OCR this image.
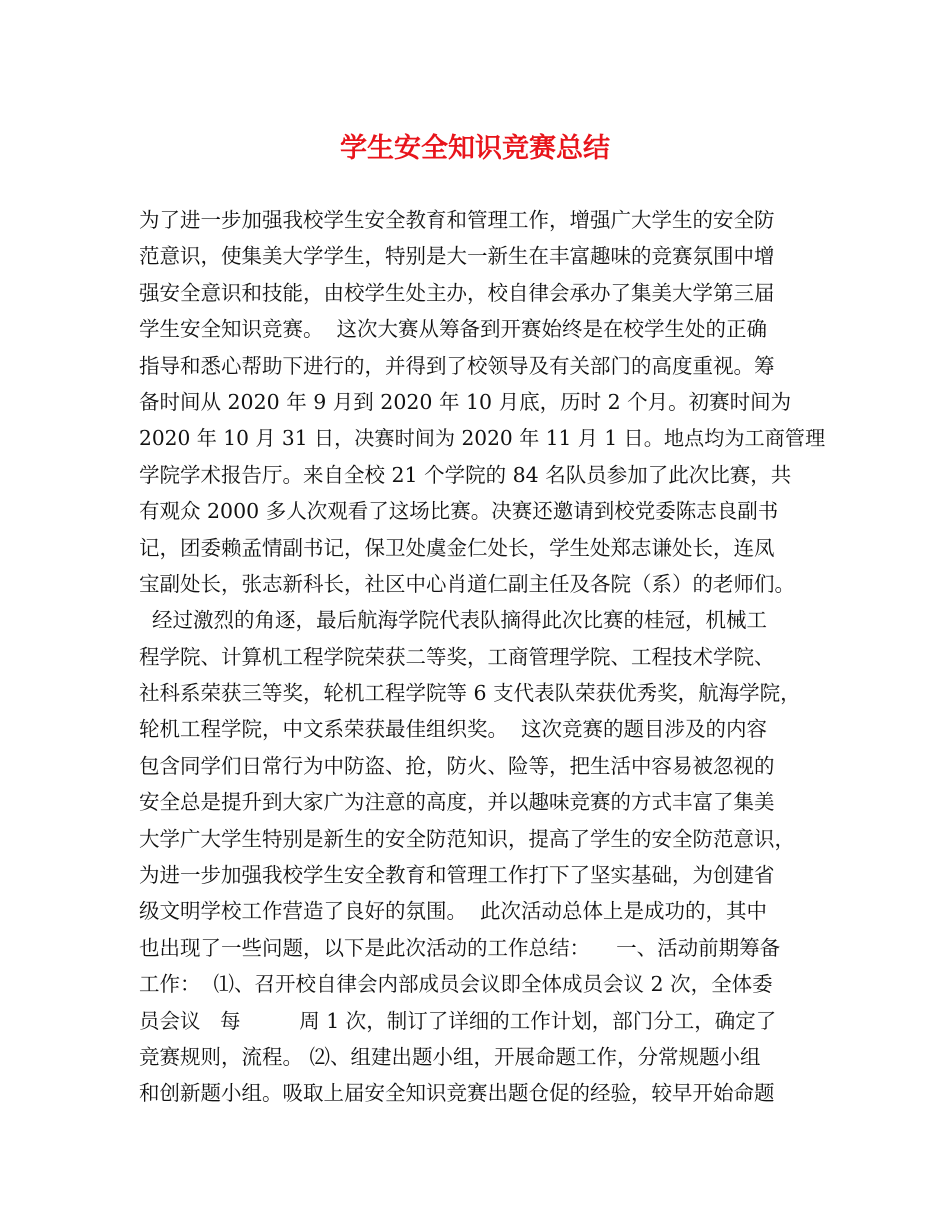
学生安全知识竞赛总结
为了进一步加强我校学生安全教育和管理工作，增强广大学生的安全防
范意识，使集美大学学生，特别是大一新生在丰富趣味的竞赛氛围中增
强安全意识和技能，由校学生处主办，校自律会承办了集美大学第三届
学生安全知识竞赛。  这次大赛从筹备到开赛始终是在校学生处的正确
指导和悉心帮助下进行的，并得到了校领导及有关部门的高度重视。筹
备时间从 2020 年 9 月到 2020 年 10 月底，历时 2 个月。初赛时间为
2020 年 10 月 31 日，决赛时间为 2020 年 11 月 1 日。地点均为工商管理
学院学术报告厅。来自全校 21 个学院的 84 名队员参加了此次比赛，共
有观众 2000 多人次观看了这场比赛。决赛还邀请到校党委陈志良副书
记，团委赖孟情副书记，保卫处虞金仁处长，学生处郑志谦处长，连凤
宝副处长，张志新科长，社区中心肖道仁副主任及各院（系）的老师们。
经过激烈的角逐，最后航海学院代表队摘得此次比赛的桂冠，机械工
程学院、计算机工程学院荣获二等奖，工商管理学院、工程技术学院、
社科系荣获三等奖，轮机工程学院等 6 支代表队荣获优秀奖，航海学院，
轮机工程学院，中文系荣获最佳组织奖。  这次竞赛的题目涉及的内容
包含同学们日常行为中防盗、抢，防火、险等，把生活中容易被忽视的
安全总是提升到大家广为注意的高度，并以趣味竞赛的方式丰富了集美
大学广大学生特别是新生的安全防范知识，提高了学生的安全防范意识，
为进一步加强我校学生安全教育和管理工作打下了坚实基础，为创建省
级文明学校工作营造了良好的氛围。  此次活动总体上是成功的，其中
也出现了一些问题，以下是此次活动的工作总结：    一、活动前期筹备
工作：  ⑴、召开校自律会内部成员会议即全体成员会议 2 次，全体委
员会议   每         周 1 次，制订了详细的工作计划，部门分工，确定了
竞赛规则，流程。 ⑵、组建出题小组，开展命题工作，分常规题小组
和创新题小组。吸取上届安全知识竞赛出题仓促的经验，较早开始命题
